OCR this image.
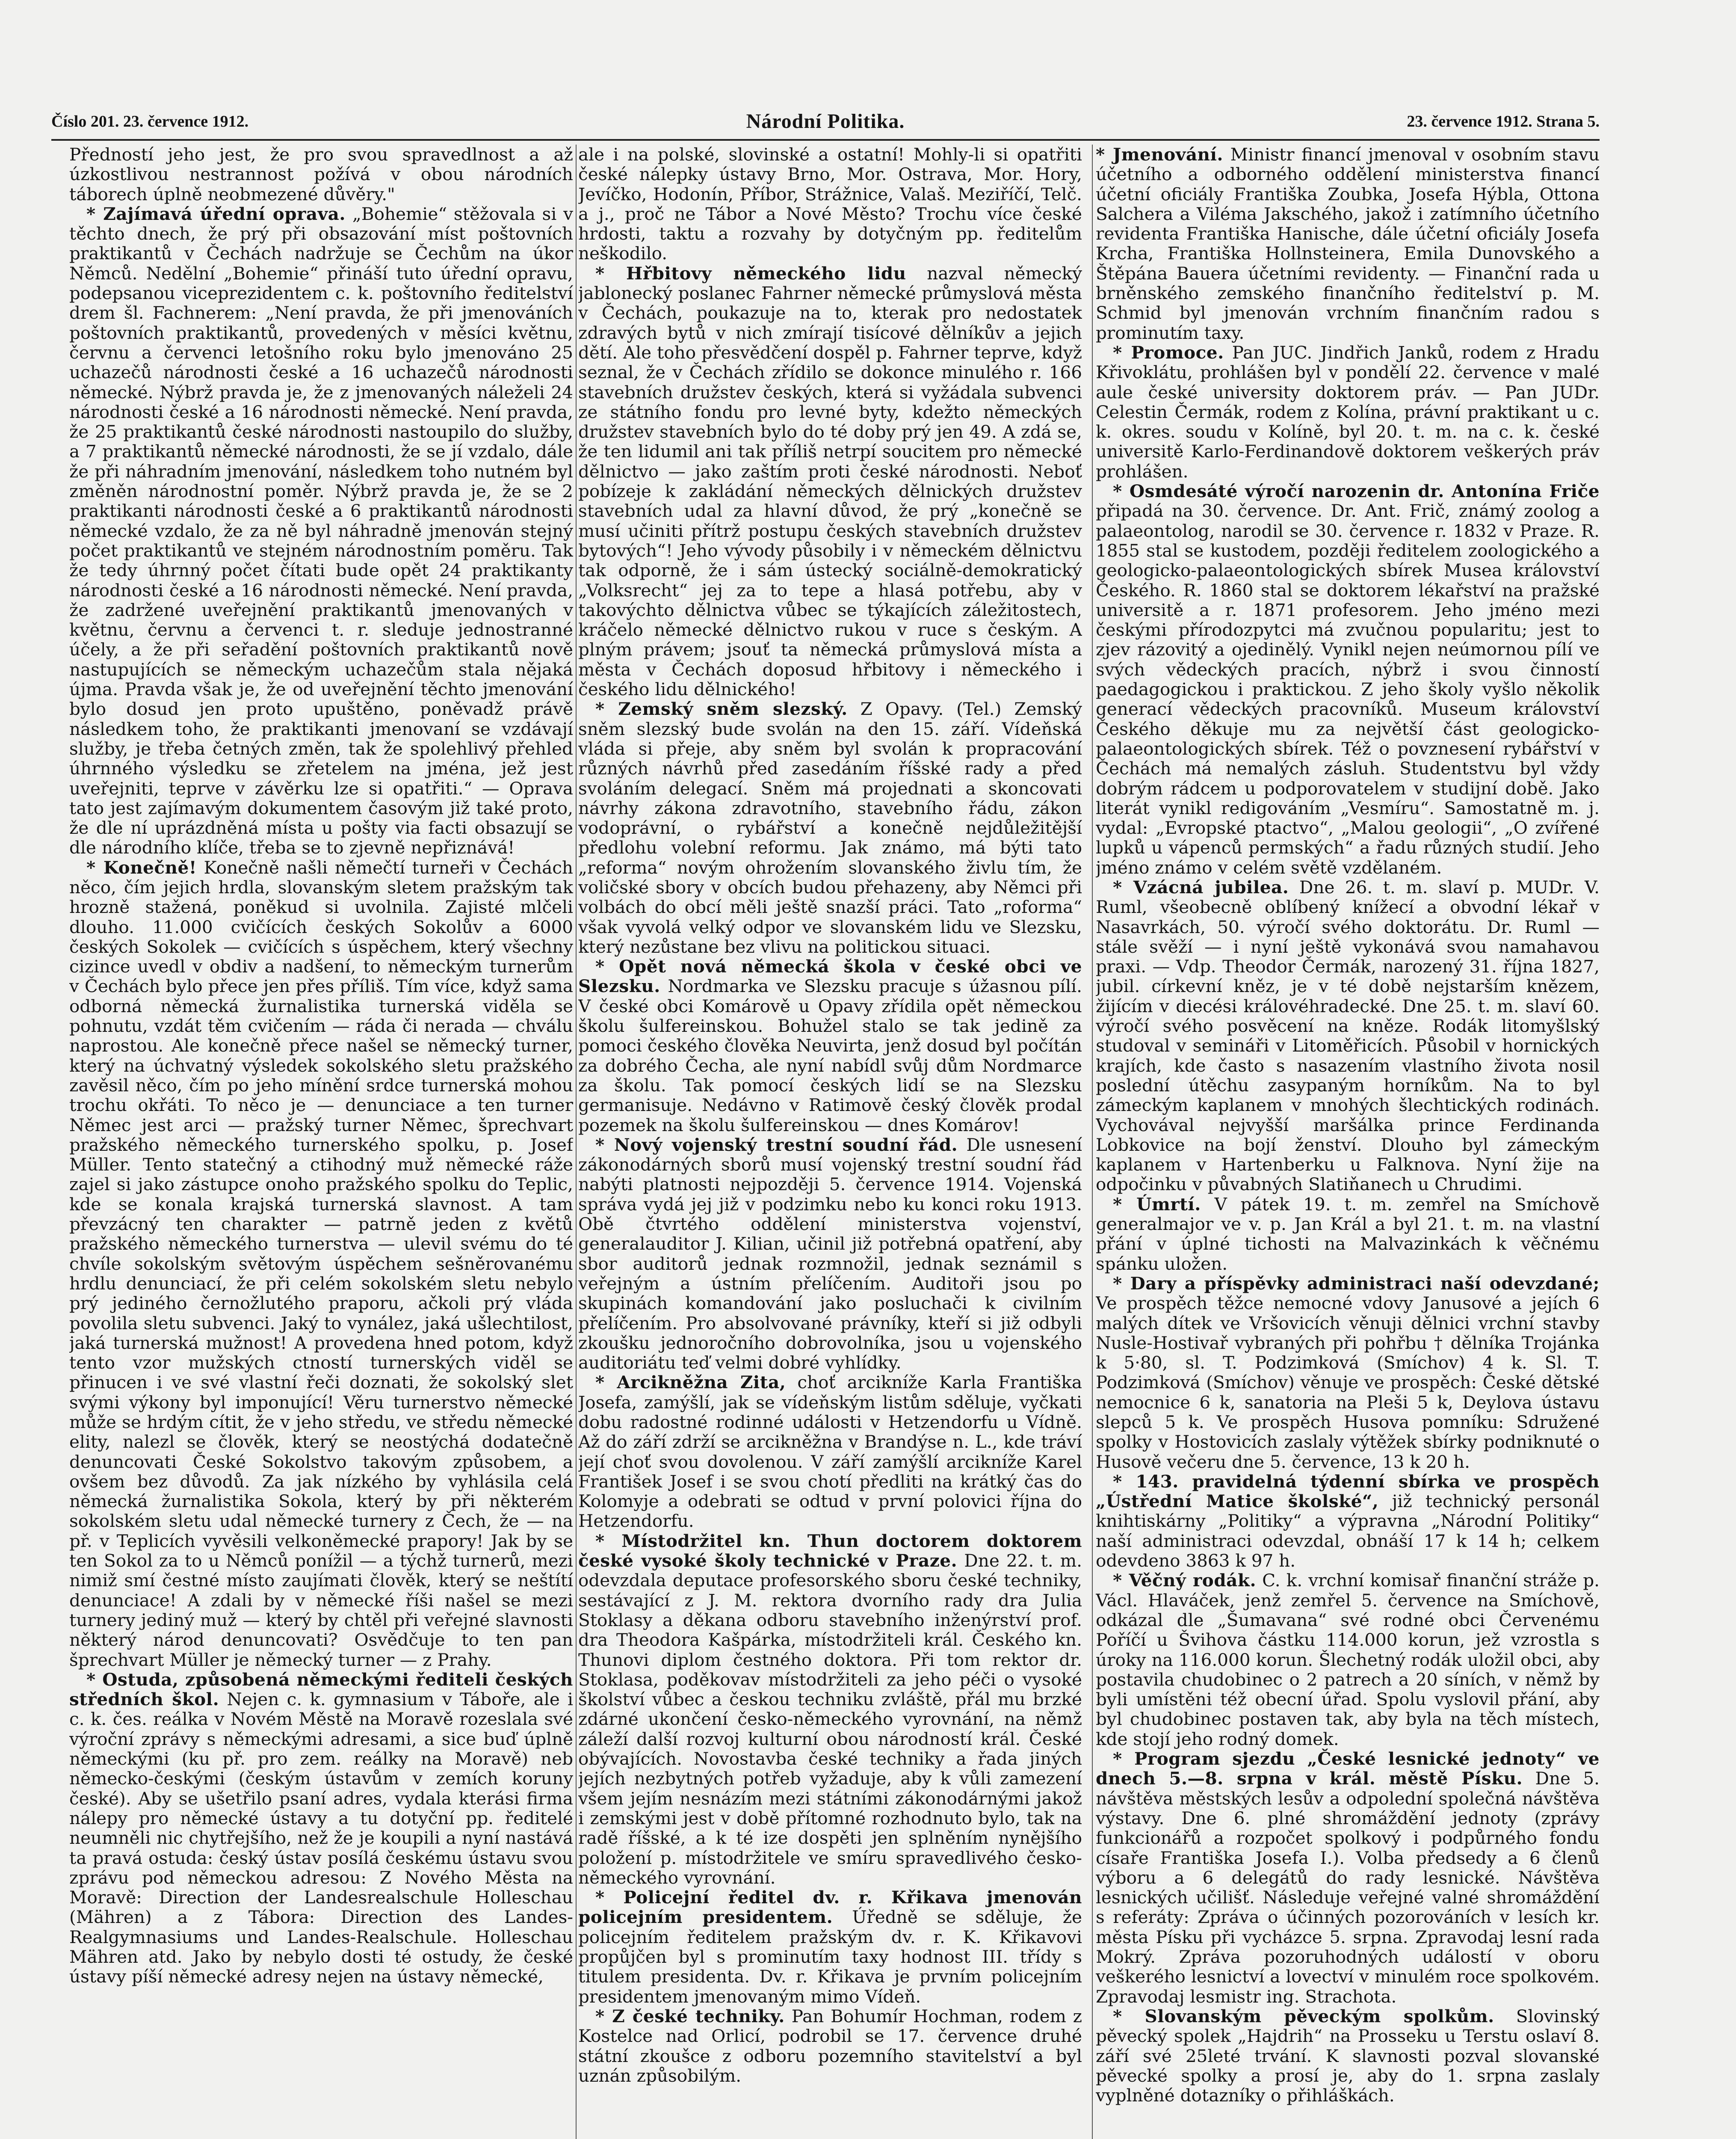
Číslo 201. 23. července 1912.	Národní Politika.	23. července 1912. Strana 5.

Předností jeho jest, že pro svou spravedlnost a až úzkostlivou nestrannost požívá v obou národních táborech úplně neobmezené důvěry."

* Zajímavá úřední oprava. „Bohemie“ stěžovala si v těchto dnech, že prý při obsazování míst poštovních praktikantů v Čechách nadržuje se Čechům na úkor Němců. Nedělní „Bohemie“ přináší tuto úřední opravu, podepsanou viceprezidentem c. k. poštovního ředitelství drem šl. Fachnerem: „Není pravda, že při jmenováních poštovních praktikantů, provedených v měsíci květnu, červnu a červenci letošního roku bylo jmenováno 25 uchazečů národnosti české a 16 uchazečů národnosti německé. Nýbrž pravda je, že z jmenovaných náleželi 24 národnosti české a 16 národnosti německé. Není pravda, že 25 praktikantů české národnosti nastoupilo do služby, a 7 praktikantů německé národnosti, že se jí vzdalo, dále že při náhradním jmenování, následkem toho nutném byl změněn národnostní poměr. Nýbrž pravda je, že se 2 praktikanti národnosti české a 6 praktikantů národnosti německé vzdalo, že za ně byl náhradně jmenován stejný počet praktikantů ve stejném národnostním poměru. Tak že tedy úhrnný počet čítati bude opět 24 praktikanty národnosti české a 16 národnosti německé. Není pravda, že zadržené uveřejnění praktikantů jmenovaných v květnu, červnu a červenci t. r. sleduje jednostranné účely, a že při seřadění poštovních praktikantů nově nastupujících se německým uchazečům stala nějaká újma. Pravda však je, že od uveřejnění těchto jmenování bylo dosud jen proto upuštěno, poněvadž právě následkem toho, že praktikanti jmenovaní se vzdávají služby, je třeba četných změn, tak že spolehlivý přehled úhrnného výsledku se zřetelem na jména, jež jest uveřejniti, teprve v závěrku lze si opatřiti.“ — Oprava tato jest zajímavým dokumentem časovým již také proto, že dle ní uprázdněná místa u pošty via facti obsazují se dle národního klíče, třeba se to zjevně nepřiznává!

* Konečně! Konečně našli němečtí turneři v Čechách něco, čím jejich hrdla, slovanským sletem pražským tak hrozně stažená, poněkud si uvolnila. Zajisté mlčeli dlouho. 11.000 cvičících českých Sokolův a 6000 českých Sokolek — cvičících s úspěchem, který všechny cizince uvedl v obdiv a nadšení, to německým turnerům v Čechách bylo přece jen přes příliš. Tím více, když sama odborná německá žurnalistika turnerská viděla se pohnutu, vzdát těm cvičením — ráda či nerada — chválu naprostou. Ale konečně přece našel se německý turner, který na úchvatný výsledek sokolského sletu pražského zavěsil něco, čím po jeho mínění srdce turnerská mohou trochu okřáti. To něco je — denunciace a ten turner Němec jest arci — pražský turner Němec, šprechvart pražského německého turnerského spolku, p. Josef Müller. Tento statečný a ctihodný muž německé ráže zajel si jako zástupce onoho pražského spolku do Teplic, kde se konala krajská turnerská slavnost. A tam převzácný ten charakter — patrně jeden z květů pražského německého turnerstva — ulevil svému do té chvíle sokolským světovým úspěchem sešněrovanému hrdlu denunciací, že při celém sokolském sletu nebylo prý jediného černožlutého praporu, ačkoli prý vláda povolila sletu subvenci. Jaký to vynález, jaká ušlechtilost, jaká turnerská mužnost! A provedena hned potom, když tento vzor mužských ctností turnerských viděl se přinucen i ve své vlastní řeči doznati, že sokolský slet svými výkony byl imponující! Věru turnerstvo německé může se hrdým cítit, že v jeho středu, ve středu německé elity, nalezl se člověk, který se neostýchá dodatečně denuncovati České Sokolstvo takovým způsobem, a ovšem bez důvodů. Za jak nízkého by vyhlásila celá německá žurnalistika Sokola, který by při některém sokolském sletu udal německé turnery z Čech, že — na př. v Teplicích vyvěsili velkoněmecké prapory! Jak by se ten Sokol za to u Němců ponížil — a týchž turnerů, mezi nimiž smí čestné místo zaujímati člověk, který se neštítí denunciace! A zdali by v německé říši našel se mezi turnery jediný muž — který by chtěl při veřejné slavnosti některý národ denuncovati? Osvědčuje to ten pan šprechvart Müller je německý turner — z Prahy.

* Ostuda, způsobená německými řediteli českých středních škol. Nejen c. k. gymnasium v Táboře, ale i c. k. čes. reálka v Novém Městě na Moravě rozeslala své výroční zprávy s německými adresami, a sice buď úplně německými (ku př. pro zem. reálky na Moravě) neb německo-českými (českým ústavům v zemích koruny české). Aby se ušetřilo psaní adres, vydala kterási firma nálepy pro německé ústavy a tu dotyční pp. ředitelé neumněli nic chytřejšího, než že je koupili a nyní nastává ta pravá ostuda: český ústav posílá českému ústavu svou zprávu pod německou adresou: Z Nového Města na Moravě: Direction der Landesrealschule Holleschau (Mähren) a z Tábora: Direction des Landes-Realgymnasiums und Landes-Realschule. Holleschau Mähren atd. Jako by nebylo dosti té ostudy, že české ústavy píší německé adresy nejen na ústavy německé,

ale i na polské, slovinské a ostatní! Mohly-li si opatřiti české nálepky ústavy Brno, Mor. Ostrava, Mor. Hory, Jevíčko, Hodonín, Příbor, Strážnice, Valaš. Meziříčí, Telč. a j., proč ne Tábor a Nové Město? Trochu více české hrdosti, taktu a rozvahy by dotyčným pp. ředitelům neškodilo.

* Hřbitovy německého lidu nazval německý jablonecký poslanec Fahrner německé průmyslová města v Čechách, poukazuje na to, kterak pro nedostatek zdravých bytů v nich zmírají tisícové dělníkův a jejich dětí. Ale toho přesvědčení dospěl p. Fahrner teprve, když seznal, že v Čechách zřídilo se dokonce minulého r. 166 stavebních družstev českých, která si vyžádala subvenci ze státního fondu pro levné byty, kdežto německých družstev stavebních bylo do té doby prý jen 49. A zdá se, že ten lidumil ani tak příliš netrpí soucitem pro německé dělnictvo — jako zaštím proti české národnosti. Neboť pobízeje k zakládání německých dělnických družstev stavebních udal za hlavní důvod, že prý „konečně se musí učiniti přítrž postupu českých stavebních družstev bytových“! Jeho vývody působily i v německém dělnictvu tak odporně, že i sám ústecký sociálně-demokratický „Volksrecht“ jej za to tepe a hlasá potřebu, aby v takovýchto dělnictva vůbec se týkajících záležitostech, kráčelo německé dělnictvo rukou v ruce s českým. A plným právem; jsouť ta německá průmyslová místa a města v Čechách doposud hřbitovy i německého i českého lidu dělnického!

* Zemský sněm slezský. Z Opavy. (Tel.) Zemský sněm slezský bude svolán na den 15. září. Vídeňská vláda si přeje, aby sněm byl svolán k propracování různých návrhů před zasedáním říšské rady a před svoláním delegací. Sněm má projednati a skoncovati návrhy zákona zdravotního, stavebního řádu, zákon vodoprávní, o rybářství a konečně nejdůležitější předlohu volební reformu. Jak známo, má býti tato „reforma“ novým ohrožením slovanského živlu tím, že voličské sbory v obcích budou přehazeny, aby Němci při volbách do obcí měli ještě snazší práci. Tato „roforma“ však vyvolá velký odpor ve slovanském lidu ve Slezsku, který nezůstane bez vlivu na politickou situaci.

* Opět nová německá škola v české obci ve Slezsku. Nordmarka ve Slezsku pracuje s úžasnou pílí. V české obci Komárově u Opavy zřídila opět německou školu šulfereinskou. Bohužel stalo se tak jedině za pomoci českého člověka Neuvirta, jenž dosud byl počítán za dobrého Čecha, ale nyní nabídl svůj dům Nordmarce za školu. Tak pomocí českých lidí se na Slezsku germanisuje. Nedávno v Ratimově český člověk prodal pozemek na školu šulfereinskou — dnes Komárov!

* Nový vojenský trestní soudní řád. Dle usnesení zákonodárných sborů musí vojenský trestní soudní řád nabýti platnosti nejpozději 5. července 1914. Vojenská správa vydá jej již v podzimku nebo ku konci roku 1913. Obě čtvrtého oddělení ministerstva vojenství, generalauditor J. Kilian, učinil již potřebná opatření, aby sbor auditorů jednak rozmnožil, jednak seznámil s veřejným a ústním přelíčením. Auditoři jsou po skupinách komandování jako posluchači k civilním přelíčením. Pro absolvované právníky, kteří si již odbyli zkoušku jednoročního dobrovolníka, jsou u vojenského auditoriátu teď velmi dobré vyhlídky.

* Arcikněžna Zita, choť arcikníže Karla Františka Josefa, zamýšlí, jak se vídeňským listům sděluje, vyčkati dobu radostné rodinné události v Hetzendorfu u Vídně. Až do září zdrží se arcikněžna v Brandýse n. L., kde tráví její choť svou dovolenou. V září zamýšlí arcikníže Karel František Josef i se svou chotí předliti na krátký čas do Kolomyje a odebrati se odtud v první polovici října do Hetzendorfu.

* Místodržitel kn. Thun doctorem doktorem české vysoké školy technické v Praze. Dne 22. t. m. odevzdala deputace profesorského sboru české techniky, sestávající z J. M. rektora dvorního rady dra Julia Stoklasy a děkana odboru stavebního inženýrství prof. dra Theodora Kašpárka, místodržiteli král. Českého kn. Thunovi diplom čestného doktora. Při tom rektor dr. Stoklasa, poděkovav místodržiteli za jeho péči o vysoké školství vůbec a českou techniku zvláště, přál mu brzké zdárné ukončení česko-německého vyrovnání, na němž záleží další rozvoj kulturní obou národností král. České obývajících. Novostavba české techniky a řada jiných jejích nezbytných potřeb vyžaduje, aby k vůli zamezení všem jejím nesnázím mezi státními zákonodárnými jakož i zemskými jest v době přítomné rozhodnuto bylo, tak na radě říšské, a k té ize dospěti jen splněním nynějšího položení p. místodržitele ve smíru spravedlivého česko-německého vyrovnání.

* Policejní ředitel dv. r. Křikava jmenován policejním presidentem. Úředně se sděluje, že policejním ředitelem pražským dv. r. K. Křikavovi propůjčen byl s prominutím taxy hodnost III. třídy s titulem presidenta. Dv. r. Křikava je prvním policejním presidentem jmenovaným mimo Vídeň.

* Z české techniky. Pan Bohumír Hochman, rodem z Kostelce nad Orlicí, podrobil se 17. července druhé státní zkoušce z odboru pozemního stavitelství a byl uznán způsobilým.

* Jmenování. Ministr financí jmenoval v osobním stavu účetního a odborného oddělení ministerstva financí účetní oficiály Františka Zoubka, Josefa Hýbla, Ottona Salchera a Viléma Jakschého, jakož i zatímního účetního revidenta Františka Hanische, dále účetní oficiály Josefa Krcha, Františka Hollnsteinera, Emila Dunovského a Štěpána Bauera účetními revidenty. — Finanční rada u brněnského zemského finančního ředitelství p. M. Schmid byl jmenován vrchním finančním radou s prominutím taxy.

* Promoce. Pan JUC. Jindřich Janků, rodem z Hradu Křivoklátu, prohlášen byl v pondělí 22. července v malé aule české university doktorem práv. — Pan JUDr. Celestin Čermák, rodem z Kolína, právní praktikant u c. k. okres. soudu v Kolíně, byl 20. t. m. na c. k. české universitě Karlo-Ferdinandově doktorem veškerých práv prohlášen.

* Osmdesáté výročí narozenin dr. Antonína Friče připadá na 30. července. Dr. Ant. Frič, známý zoolog a palaeontolog, narodil se 30. července r. 1832 v Praze. R. 1855 stal se kustodem, později ředitelem zoologického a geologicko-palaeontologických sbírek Musea království Českého. R. 1860 stal se doktorem lékařství na pražské universitě a r. 1871 profesorem. Jeho jméno mezi českými přírodozpytci má zvučnou popularitu; jest to zjev rázovitý a ojedinělý. Vynikl nejen neúmornou pílí ve svých vědeckých pracích, nýbrž i svou činností paedagogickou i praktickou. Z jeho školy vyšlo několik generací vědeckých pracovníků. Museum království Českého děkuje mu za největší část geologicko-palaeontologických sbírek. Též o povznesení rybářství v Čechách má nemalých zásluh. Studentstvu byl vždy dobrým rádcem u podporovatelem v studijní době. Jako literát vynikl redigováním „Vesmíru“. Samostatně m. j. vydal: „Evropské ptactvo“, „Malou geologii“, „O zvířené lupků u vápenců permských“ a řadu různých studií. Jeho jméno známo v celém světě vzdělaném.

* Vzácná jubilea. Dne 26. t. m. slaví p. MUDr. V. Ruml, všeobecně oblíbený knížecí a obvodní lékař v Nasavrkách, 50. výročí svého doktorátu. Dr. Ruml — stále svěží — i nyní ještě vykonává svou namahavou praxi. — Vdp. Theodor Čermák, narozený 31. října 1827, jubil. církevní kněz, je v té době nejstarším knězem, žijícím v diecési královéhradecké. Dne 25. t. m. slaví 60. výročí svého posvěcení na kněze. Rodák litomyšlský studoval v semináři v Litoměřicích. Působil v hornických krajích, kde často s nasazením vlastního života nosil poslední útěchu zasypaným horníkům. Na to byl zámeckým kaplanem v mnohých šlechtických rodinách. Vychovával nejvyšší maršálka prince Ferdinanda Lobkovice na bojí ženství. Dlouho byl zámeckým kaplanem v Hartenberku u Falknova. Nyní žije na odpočinku v půvabných Slatiňanech u Chrudimi.

* Úmrtí. V pátek 19. t. m. zemřel na Smíchově generalmajor ve v. p. Jan Král a byl 21. t. m. na vlastní přání v úplné tichosti na Malvazinkách k věčnému spánku uložen.

* Dary a příspěvky administraci naší odevzdané; Ve prospěch těžce nemocné vdovy Janusové a jejích 6 malých dítek ve Vršovicích věnuji dělnici vrchní stavby Nusle-Hostivař vybraných při pohřbu † dělníka Trojánka k 5·80, sl. T. Podzimková (Smíchov) 4 k. Sl. T. Podzimková (Smíchov) věnuje ve prospěch: České dětské nemocnice 6 k, sanatoria na Pleši 5 k, Deylova ústavu slepců 5 k. Ve prospěch Husova pomníku: Sdružené spolky v Hostovicích zaslaly výtěžek sbírky podniknuté o Husově večeru dne 5. července, 13 k 20 h.

* 143. pravidelná týdenní sbírka ve prospěch „Ústřední Matice školské“, již technický personál knihtiskárny „Politiky“ a výpravna „Národní Politiky“ naší administraci odevzdal, obnáší 17 k 14 h; celkem odevdeno 3863 k 97 h.

* Věčný rodák. C. k. vrchní komisař finanční stráže p. Václ. Hlaváček, jenž zemřel 5. července na Smíchově, odkázal dle „Šumavana“ své rodné obci Červenému Poříčí u Švihova částku 114.000 korun, jež vzrostla s úroky na 116.000 korun. Šlechetný rodák uložil obci, aby postavila chudobinec o 2 patrech a 20 síních, v němž by byli umístěni též obecní úřad. Spolu vyslovil přání, aby byl chudobinec postaven tak, aby byla na těch místech, kde stojí jeho rodný domek.

* Program sjezdu „České lesnické jednoty“ ve dnech 5.—8. srpna v král. městě Písku. Dne 5. návštěva městských lesův a odpolední společná návštěva výstavy. Dne 6. plné shromáždění jednoty (zprávy funkcionářů a rozpočet spolkový i podpůrného fondu císaře Františka Josefa I.). Volba předsedy a 6 členů výboru a 6 delegátů do rady lesnické. Návštěva lesnických učilišť. Následuje veřejné valné shromáždění s referáty: Zpráva o účinných pozorováních v lesích kr. města Písku při vycházce 5. srpna. Zpravodaj lesní rada Mokrý. Zpráva pozoruhodných událostí v oboru veškerého lesnictví a lovectví v minulém roce spolkovém. Zpravodaj lesmistr ing. Strachota.

* Slovanským pěveckým spolkům. Slovinský pěvecký spolek „Hajdrih“ na Prosseku u Terstu oslaví 8. září své 25leté trvání. K slavnosti pozval slovanské pěvecké spolky a prosí je, aby do 1. srpna zaslaly vyplněné dotazníky o přihláškách.
